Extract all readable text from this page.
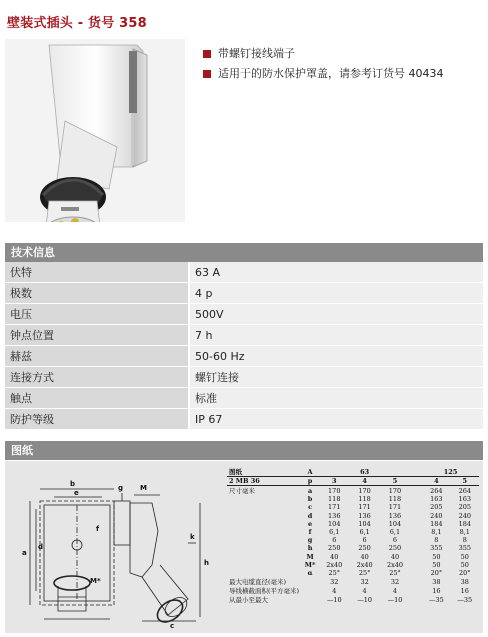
壁装式插头 - 货号 358
带螺钉接线端子
适用于的防水保护罩盖，请参考订货号 40434
技术信息
伏特	63 A
极数	4 p
电压	500V
钟点位置	7 h
赫兹	50-60 Hz
连接方式	螺钉连接
触点	标准
防护等级	IP 67
图纸
b
e
g M
a
d
f
h
k
M*
c
图纸	A	63				125	
2 MB 36	p	3	4	5		4	5
尺寸毫米	a	170	170	170		264	264
	b	118	118	118		163	163
	c	171	171	171		205	205
	d	136	136	136		240	240
	e	104	104	104		184	184
	f	6,1	6,1	6,1		8,1	8,1
	g	6	6	6		8	8
	h	250	250	250		355	355
	M	40	40	40		50	50
	M*	2x40	2x40	2x40		50	50
	α	25°	25°	25°		20°	20°
最大电缆直径(毫米)		32	32	32		38	38
导线横截面积(平方毫米)		4	4	4		16	16
从最小至最大		—10	—10	—10		—35	—35
